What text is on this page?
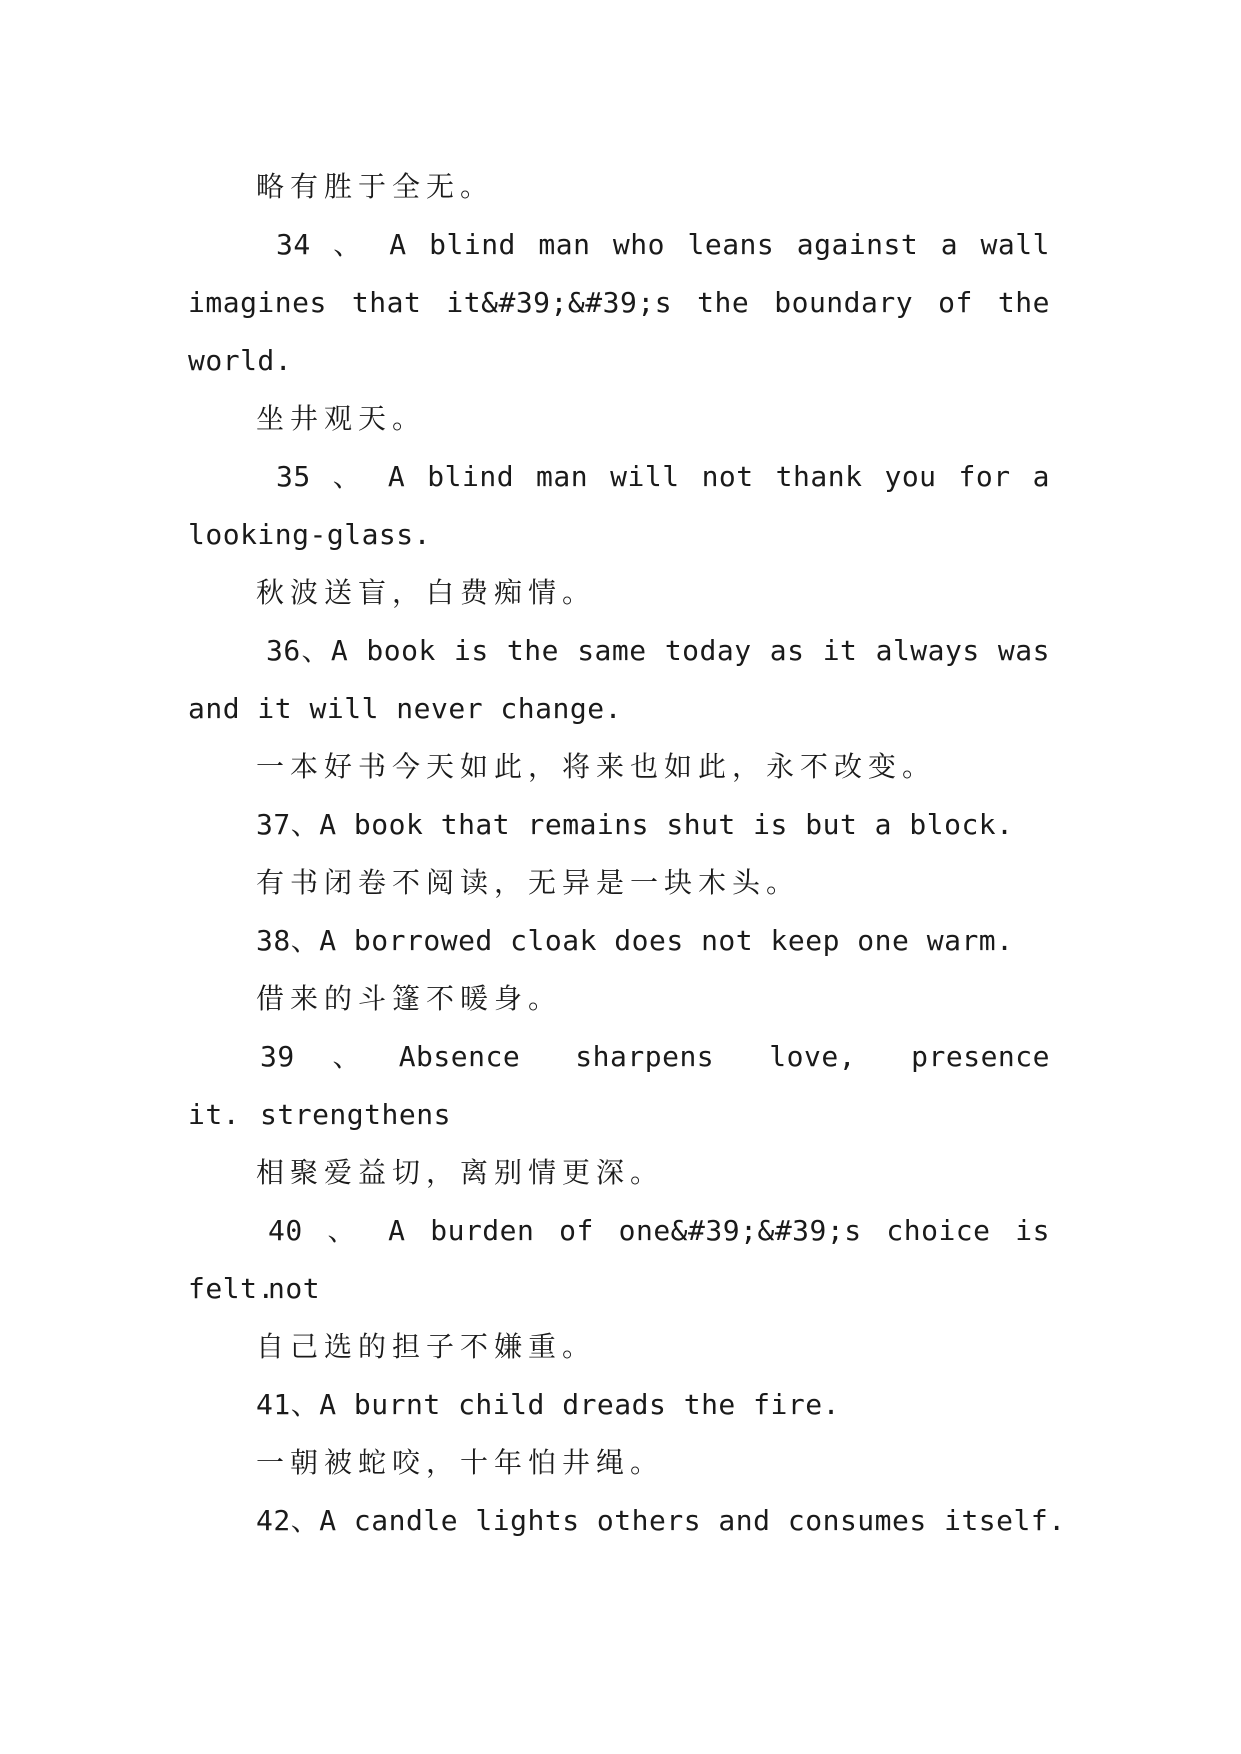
略有胜于全无。
34 、 A blind man who leans against a wall
imagines that it&#39;&#39;s the boundary of the
world.
坐井观天。
35 、 A blind man will not thank you for a
looking-glass.
秋波送盲，白费痴情。
36、A book is the same today as it always was
and it will never change.
一本好书今天如此，将来也如此，永不改变。
37、A book that remains shut is but a block.
有书闭卷不阅读，无异是一块木头。
38、A borrowed cloak does not keep one warm.
借来的斗篷不暖身。
39、Absence sharpens love, presence strengthens
it.
相聚爱益切，离别情更深。
40 、 A burden of one&#39;&#39;s choice is not
felt.
自己选的担子不嫌重。
41、A burnt child dreads the fire.
一朝被蛇咬，十年怕井绳。
42、A candle lights others and consumes itself.
